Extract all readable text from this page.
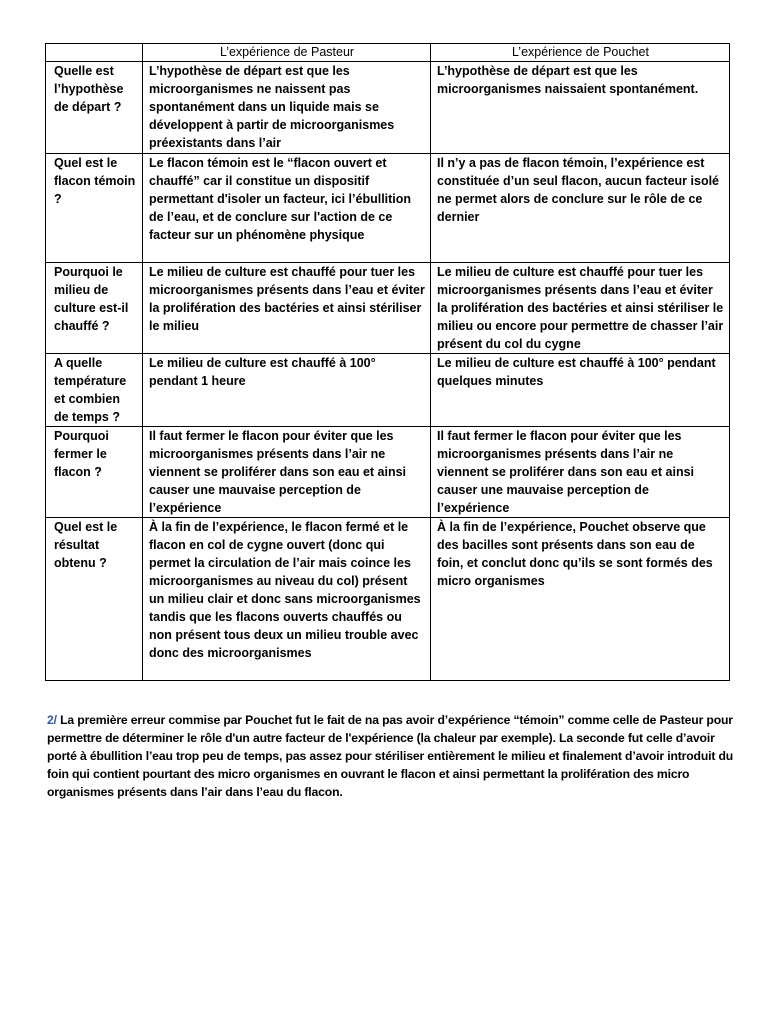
	L’expérience de Pasteur	L’expérience de Pouchet
Quelle est l’hypothèse de départ ?	L’hypothèse de départ est que les microorganismes ne naissent pas spontanément dans un liquide mais se développent à partir de microorganismes préexistants dans l’air	L’hypothèse de départ est que les microorganismes naissaient spontanément.
Quel est le flacon témoin ?	Le flacon témoin est le “flacon ouvert et chauffé” car il constitue un dispositif permettant d'isoler un facteur, ici l’ébullition de l’eau, et de conclure sur l'action de ce facteur sur un phénomène physique	Il n’y a pas de flacon témoin, l’expérience est constituée d’un seul flacon, aucun facteur isolé ne permet alors de conclure sur le rôle de ce dernier
Pourquoi le milieu de culture est-il chauffé ?	Le milieu de culture est chauffé pour tuer les microorganismes présents dans l’eau et éviter la prolifération des bactéries et ainsi stériliser le milieu	Le milieu de culture est chauffé pour tuer les microorganismes présents dans l’eau et éviter la prolifération des bactéries et ainsi stériliser le milieu ou encore pour permettre de chasser l’air présent du col du cygne
A quelle température et combien de temps ?	Le milieu de culture est chauffé à 100° pendant 1 heure	Le milieu de culture est chauffé à 100° pendant quelques minutes
Pourquoi fermer le flacon ?	Il faut fermer le flacon pour éviter que les microorganismes présents dans l’air ne viennent se proliférer dans son eau et ainsi causer une mauvaise perception de l’expérience	Il faut fermer le flacon pour éviter que les microorganismes présents dans l’air ne viennent se proliférer dans son eau et ainsi causer une mauvaise perception de l’expérience
Quel est le résultat obtenu ?	À la fin de l’expérience, le flacon fermé et le flacon en col de cygne ouvert (donc qui permet la circulation de l’air mais coince les microorganismes au niveau du col) présent un milieu clair et donc sans microorganismes tandis que les flacons ouverts chauffés ou non présent tous deux un milieu trouble avec donc des microorganismes	À la fin de l’expérience, Pouchet observe que des bacilles sont présents dans son eau de foin, et conclut donc qu’ils se sont formés des micro organismes

2/ La première erreur commise par Pouchet fut le fait de na pas avoir d’expérience “témoin” comme celle de Pasteur pour permettre de déterminer le rôle d'un autre facteur de l'expérience (la chaleur par exemple). La seconde fut celle d’avoir porté à ébullition l’eau trop peu de temps, pas assez pour stériliser entièrement le milieu et finalement d’avoir introduit du foin qui contient pourtant des micro organismes en ouvrant le flacon et ainsi permettant la prolifération des micro organismes présents dans l’air dans l’eau du flacon.
